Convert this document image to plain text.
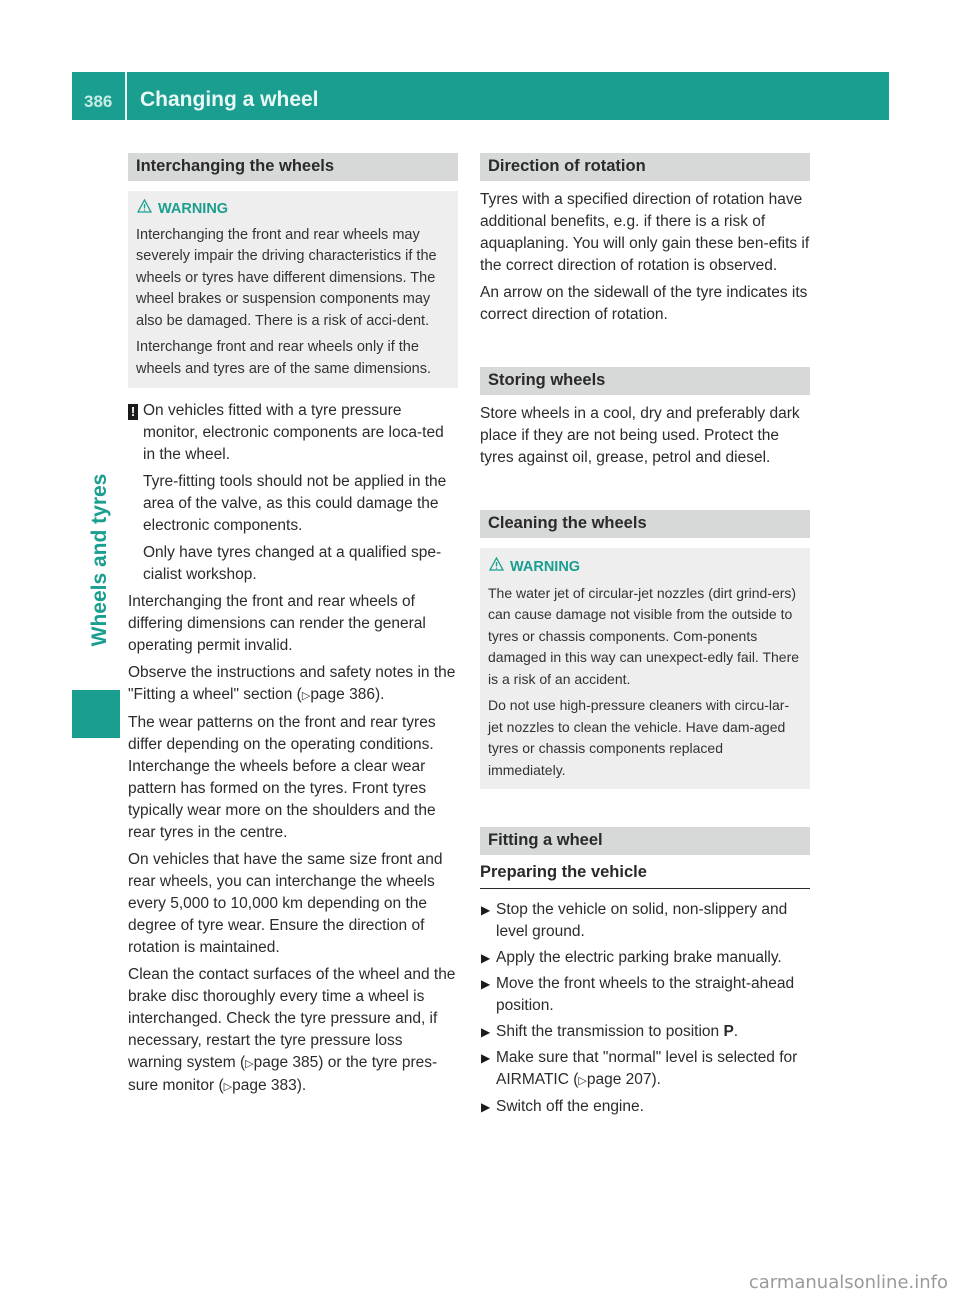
386 Changing a wheel
Wheels and tyres
Interchanging the wheels
WARNING

Interchanging the front and rear wheels may severely impair the driving characteristics if the wheels or tyres have different dimensions. The wheel brakes or suspension components may also be damaged. There is a risk of acci-dent.

Interchange front and rear wheels only if the wheels and tyres are of the same dimensions.

! On vehicles fitted with a tyre pressure monitor, electronic components are loca-ted in the wheel.

Tyre-fitting tools should not be applied in the area of the valve, as this could damage the electronic components.

Only have tyres changed at a qualified spe-cialist workshop.

Interchanging the front and rear wheels of differing dimensions can render the general operating permit invalid.

Observe the instructions and safety notes in the "Fitting a wheel" section (▷page 386).

The wear patterns on the front and rear tyres differ depending on the operating conditions. Interchange the wheels before a clear wear pattern has formed on the tyres. Front tyres typically wear more on the shoulders and the rear tyres in the centre.

On vehicles that have the same size front and rear wheels, you can interchange the wheels every 5,000 to 10,000 km depending on the degree of tyre wear. Ensure the direction of rotation is maintained.

Clean the contact surfaces of the wheel and the brake disc thoroughly every time a wheel is interchanged. Check the tyre pressure and, if necessary, restart the tyre pressure loss warning system (▷page 385) or the tyre pres-sure monitor (▷page 383).

Direction of rotation

Tyres with a specified direction of rotation have additional benefits, e.g. if there is a risk of aquaplaning. You will only gain these ben-efits if the correct direction of rotation is observed.

An arrow on the sidewall of the tyre indicates its correct direction of rotation.

Storing wheels

Store wheels in a cool, dry and preferably dark place if they are not being used. Protect the tyres against oil, grease, petrol and diesel.

Cleaning the wheels
WARNING

The water jet of circular-jet nozzles (dirt grind-ers) can cause damage not visible from the outside to tyres or chassis components. Com-ponents damaged in this way can unexpect-edly fail. There is a risk of an accident.

Do not use high-pressure cleaners with circu-lar-jet nozzles to clean the vehicle. Have dam-aged tyres or chassis components replaced immediately.

Fitting a wheel
Preparing the vehicle
▶ Stop the vehicle on solid, non-slippery and level ground.
▶ Apply the electric parking brake manually.
▶ Move the front wheels to the straight-ahead position.
▶ Shift the transmission to position P.
▶ Make sure that "normal" level is selected for AIRMATIC (▷page 207).
▶ Switch off the engine.
carmanualsonline.info
